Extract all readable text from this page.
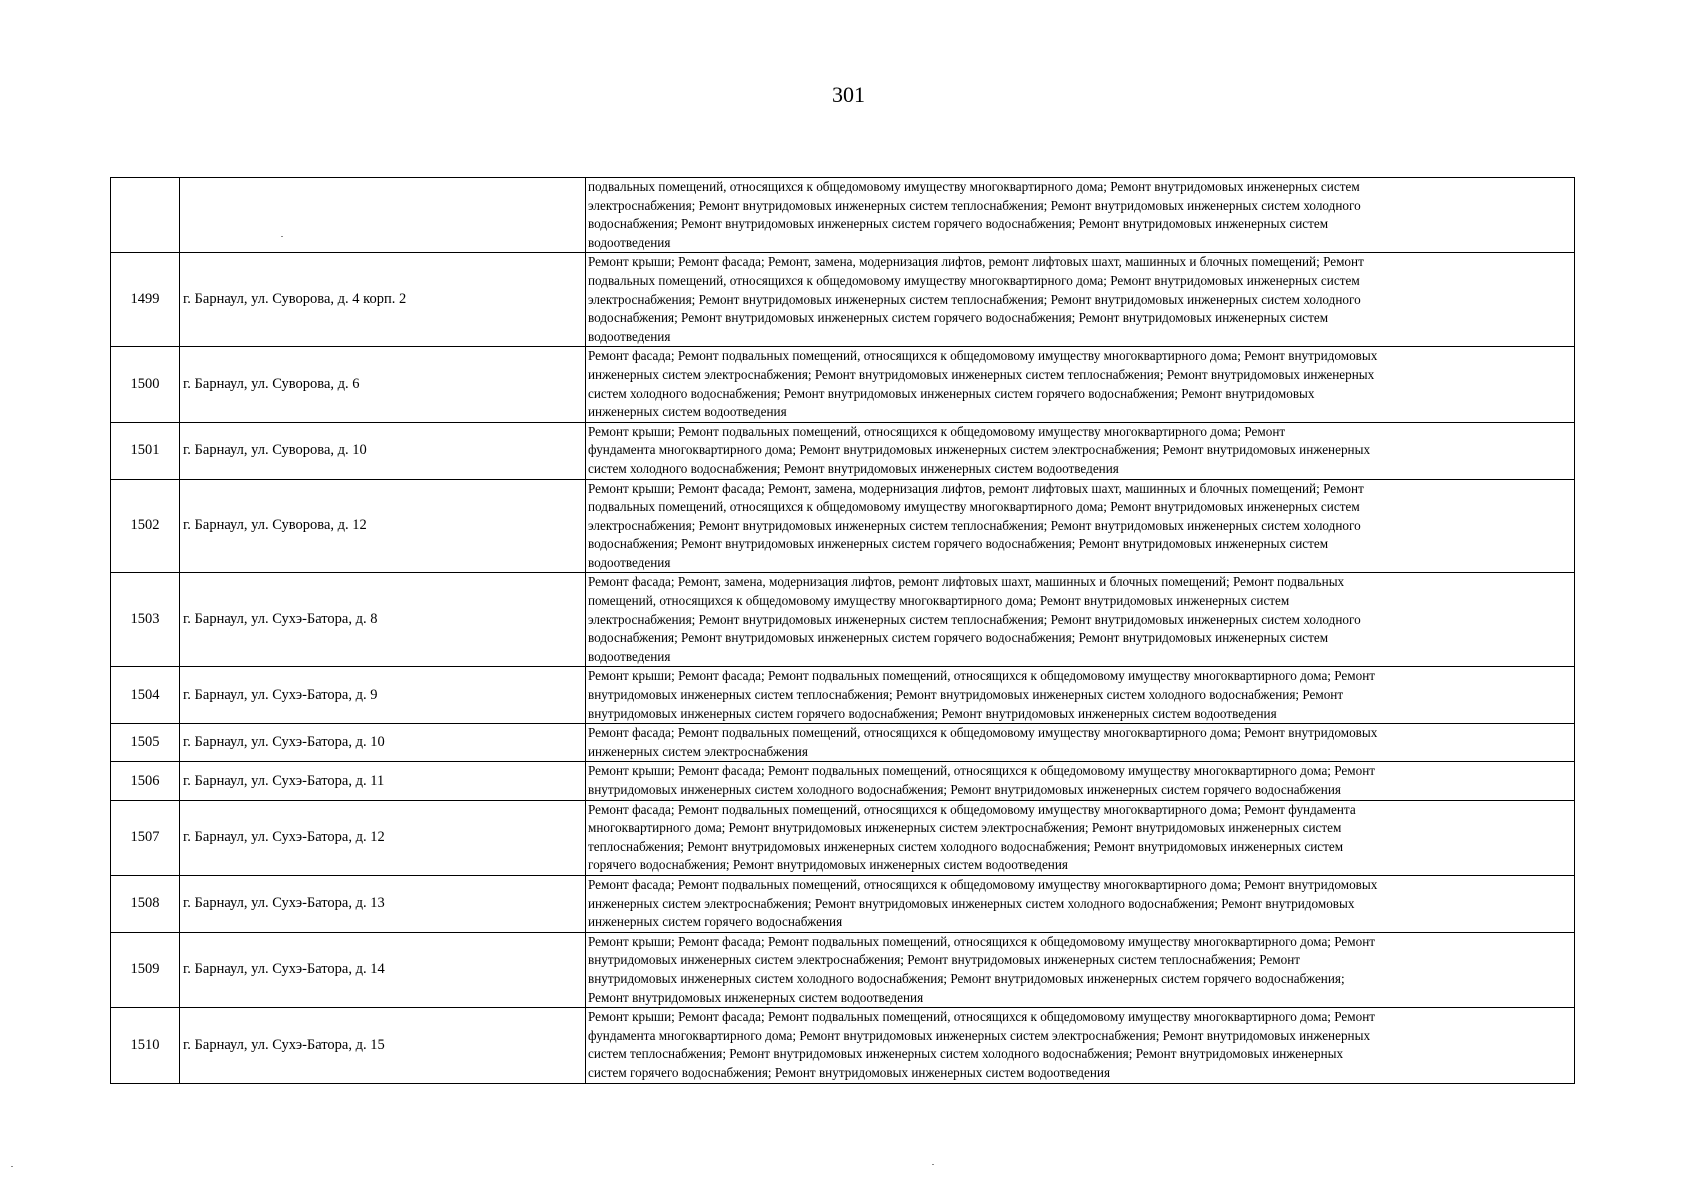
301

		подвальных помещений, относящихся к общедомовому имуществу многоквартирного дома; Ремонт внутридомовых инженерных систем
электроснабжения; Ремонт внутридомовых инженерных систем теплоснабжения; Ремонт внутридомовых инженерных систем холодного
водоснабжения; Ремонт внутридомовых инженерных систем горячего водоснабжения; Ремонт внутридомовых инженерных систем
водоотведения

1499	г. Барнаул, ул. Суворова, д. 4 корп. 2	Ремонт крыши; Ремонт фасада; Ремонт, замена, модернизация лифтов, ремонт лифтовых шахт, машинных и блочных помещений; Ремонт
подвальных помещений, относящихся к общедомовому имуществу многоквартирного дома; Ремонт внутридомовых инженерных систем
электроснабжения; Ремонт внутридомовых инженерных систем теплоснабжения; Ремонт внутридомовых инженерных систем холодного
водоснабжения; Ремонт внутридомовых инженерных систем горячего водоснабжения; Ремонт внутридомовых инженерных систем
водоотведения

1500	г. Барнаул, ул. Суворова, д. 6	Ремонт фасада; Ремонт подвальных помещений, относящихся к общедомовому имуществу многоквартирного дома; Ремонт внутридомовых
инженерных систем электроснабжения; Ремонт внутридомовых инженерных систем теплоснабжения; Ремонт внутридомовых инженерных
систем холодного водоснабжения; Ремонт внутридомовых инженерных систем горячего водоснабжения; Ремонт внутридомовых
инженерных систем водоотведения

1501	г. Барнаул, ул. Суворова, д. 10	Ремонт крыши; Ремонт подвальных помещений, относящихся к общедомовому имуществу многоквартирного дома; Ремонт
фундамента многоквартирного дома; Ремонт внутридомовых инженерных систем электроснабжения; Ремонт внутридомовых инженерных
систем холодного водоснабжения; Ремонт внутридомовых инженерных систем водоотведения

1502	г. Барнаул, ул. Суворова, д. 12	Ремонт крыши; Ремонт фасада; Ремонт, замена, модернизация лифтов, ремонт лифтовых шахт, машинных и блочных помещений; Ремонт
подвальных помещений, относящихся к общедомовому имуществу многоквартирного дома; Ремонт внутридомовых инженерных систем
электроснабжения; Ремонт внутридомовых инженерных систем теплоснабжения; Ремонт внутридомовых инженерных систем холодного
водоснабжения; Ремонт внутридомовых инженерных систем горячего водоснабжения; Ремонт внутридомовых инженерных систем
водоотведения

1503	г. Барнаул, ул. Сухэ-Батора, д. 8	Ремонт фасада; Ремонт, замена, модернизация лифтов, ремонт лифтовых шахт, машинных и блочных помещений; Ремонт подвальных
помещений, относящихся к общедомовому имуществу многоквартирного дома; Ремонт внутридомовых инженерных систем
электроснабжения; Ремонт внутридомовых инженерных систем теплоснабжения; Ремонт внутридомовых инженерных систем холодного
водоснабжения; Ремонт внутридомовых инженерных систем горячего водоснабжения; Ремонт внутридомовых инженерных систем
водоотведения

1504	г. Барнаул, ул. Сухэ-Батора, д. 9	Ремонт крыши; Ремонт фасада; Ремонт подвальных помещений, относящихся к общедомовому имуществу многоквартирного дома; Ремонт
внутридомовых инженерных систем теплоснабжения; Ремонт внутридомовых инженерных систем холодного водоснабжения; Ремонт
внутридомовых инженерных систем горячего водоснабжения; Ремонт внутридомовых инженерных систем водоотведения

1505	г. Барнаул, ул. Сухэ-Батора, д. 10	Ремонт фасада; Ремонт подвальных помещений, относящихся к общедомовому имуществу многоквартирного дома; Ремонт внутридомовых
инженерных систем электроснабжения

1506	г. Барнаул, ул. Сухэ-Батора, д. 11	Ремонт крыши; Ремонт фасада; Ремонт подвальных помещений, относящихся к общедомовому имуществу многоквартирного дома; Ремонт
внутридомовых инженерных систем холодного водоснабжения; Ремонт внутридомовых инженерных систем горячего водоснабжения

1507	г. Барнаул, ул. Сухэ-Батора, д. 12	Ремонт фасада; Ремонт подвальных помещений, относящихся к общедомовому имуществу многоквартирного дома; Ремонт фундамента
многоквартирного дома; Ремонт внутридомовых инженерных систем электроснабжения; Ремонт внутридомовых инженерных систем
теплоснабжения; Ремонт внутридомовых инженерных систем холодного водоснабжения; Ремонт внутридомовых инженерных систем
горячего водоснабжения; Ремонт внутридомовых инженерных систем водоотведения

1508	г. Барнаул, ул. Сухэ-Батора, д. 13	Ремонт фасада; Ремонт подвальных помещений, относящихся к общедомовому имуществу многоквартирного дома; Ремонт внутридомовых
инженерных систем электроснабжения; Ремонт внутридомовых инженерных систем холодного водоснабжения; Ремонт внутридомовых
инженерных систем горячего водоснабжения

1509	г. Барнаул, ул. Сухэ-Батора, д. 14	Ремонт крыши; Ремонт фасада; Ремонт подвальных помещений, относящихся к общедомовому имуществу многоквартирного дома; Ремонт
внутридомовых инженерных систем электроснабжения; Ремонт внутридомовых инженерных систем теплоснабжения; Ремонт
внутридомовых инженерных систем холодного водоснабжения; Ремонт внутридомовых инженерных систем горячего водоснабжения;
Ремонт внутридомовых инженерных систем водоотведения

1510	г. Барнаул, ул. Сухэ-Батора, д. 15	Ремонт крыши; Ремонт фасада; Ремонт подвальных помещений, относящихся к общедомовому имуществу многоквартирного дома; Ремонт
фундамента многоквартирного дома; Ремонт внутридомовых инженерных систем электроснабжения; Ремонт внутридомовых инженерных
систем теплоснабжения; Ремонт внутридомовых инженерных систем холодного водоснабжения; Ремонт внутридомовых инженерных
систем горячего водоснабжения; Ремонт внутридомовых инженерных систем водоотведения
